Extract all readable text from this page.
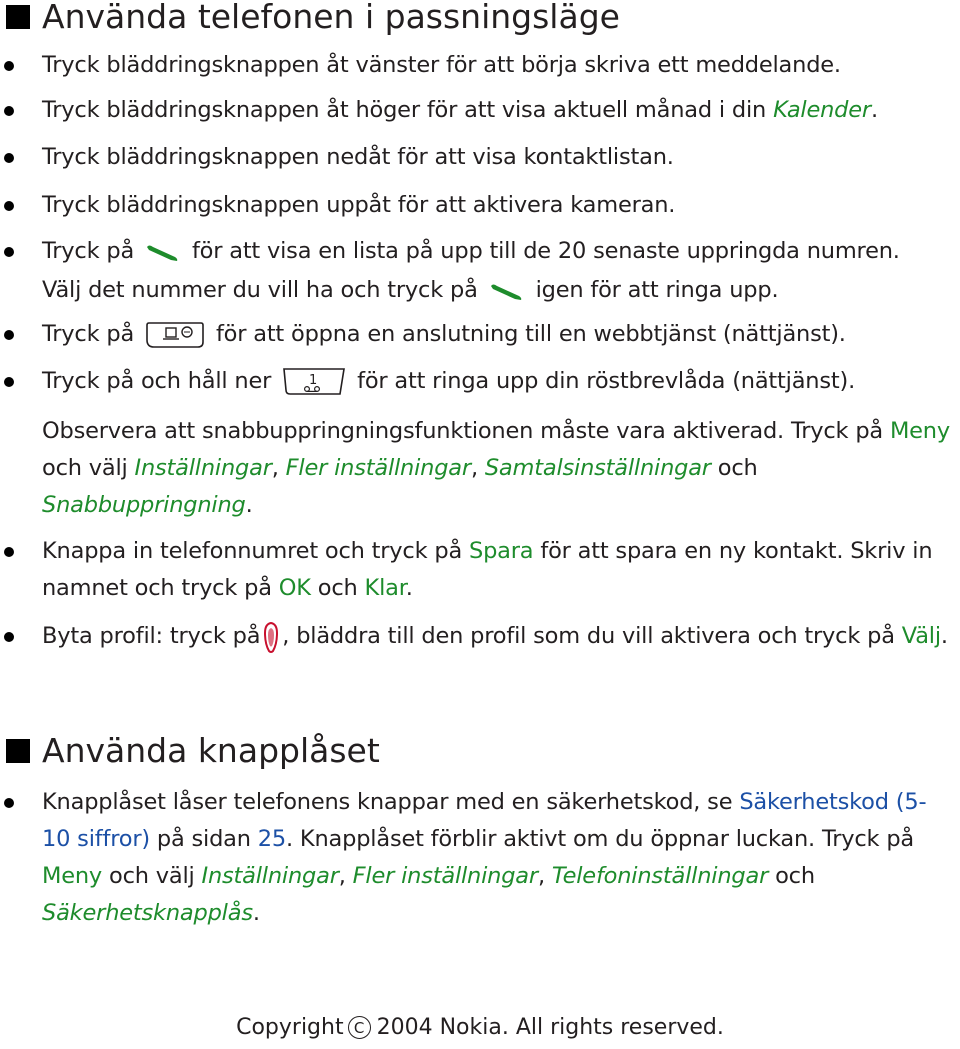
Använda telefonen i passningsläge

Tryck bläddringsknappen åt vänster för att börja skriva ett meddelande.

Tryck bläddringsknappen åt höger för att visa aktuell månad i din Kalender.

Tryck bläddringsknappen nedåt för att visa kontaktlistan.

Tryck bläddringsknappen uppåt för att aktivera kameran.

Tryck på	för att visa en lista på upp till de 20 senaste uppringda numren.

Välj det nummer du vill ha och tryck på	igen för att ringa upp.

Tryck på	för att öppna en anslutning till en webbtjänst (nättjänst).

Tryck på och håll ner	1 för att ringa upp din röstbrevlåda (nättjänst).

Observera att snabbuppringningsfunktionen måste vara aktiverad. Tryck på Meny och välj Inställningar, Fler inställningar, Samtalsinställningar och Snabbuppringning.

Knappa in telefonnumret och tryck på Spara för att spara en ny kontakt. Skriv in namnet och tryck på OK och Klar.

Byta profil: tryck på , bläddra till den profil som du vill aktivera och tryck på Välj.

Använda knapplåset

Knapplåset låser telefonens knappar med en säkerhetskod, se Säkerhetskod (5-10 siffror) på sidan 25. Knapplåset förblir aktivt om du öppnar luckan. Tryck på Meny och välj Inställningar, Fler inställningar, Telefoninställningar och Säkerhetsknapplås.

Copyright C 2004 Nokia. All rights reserved.
